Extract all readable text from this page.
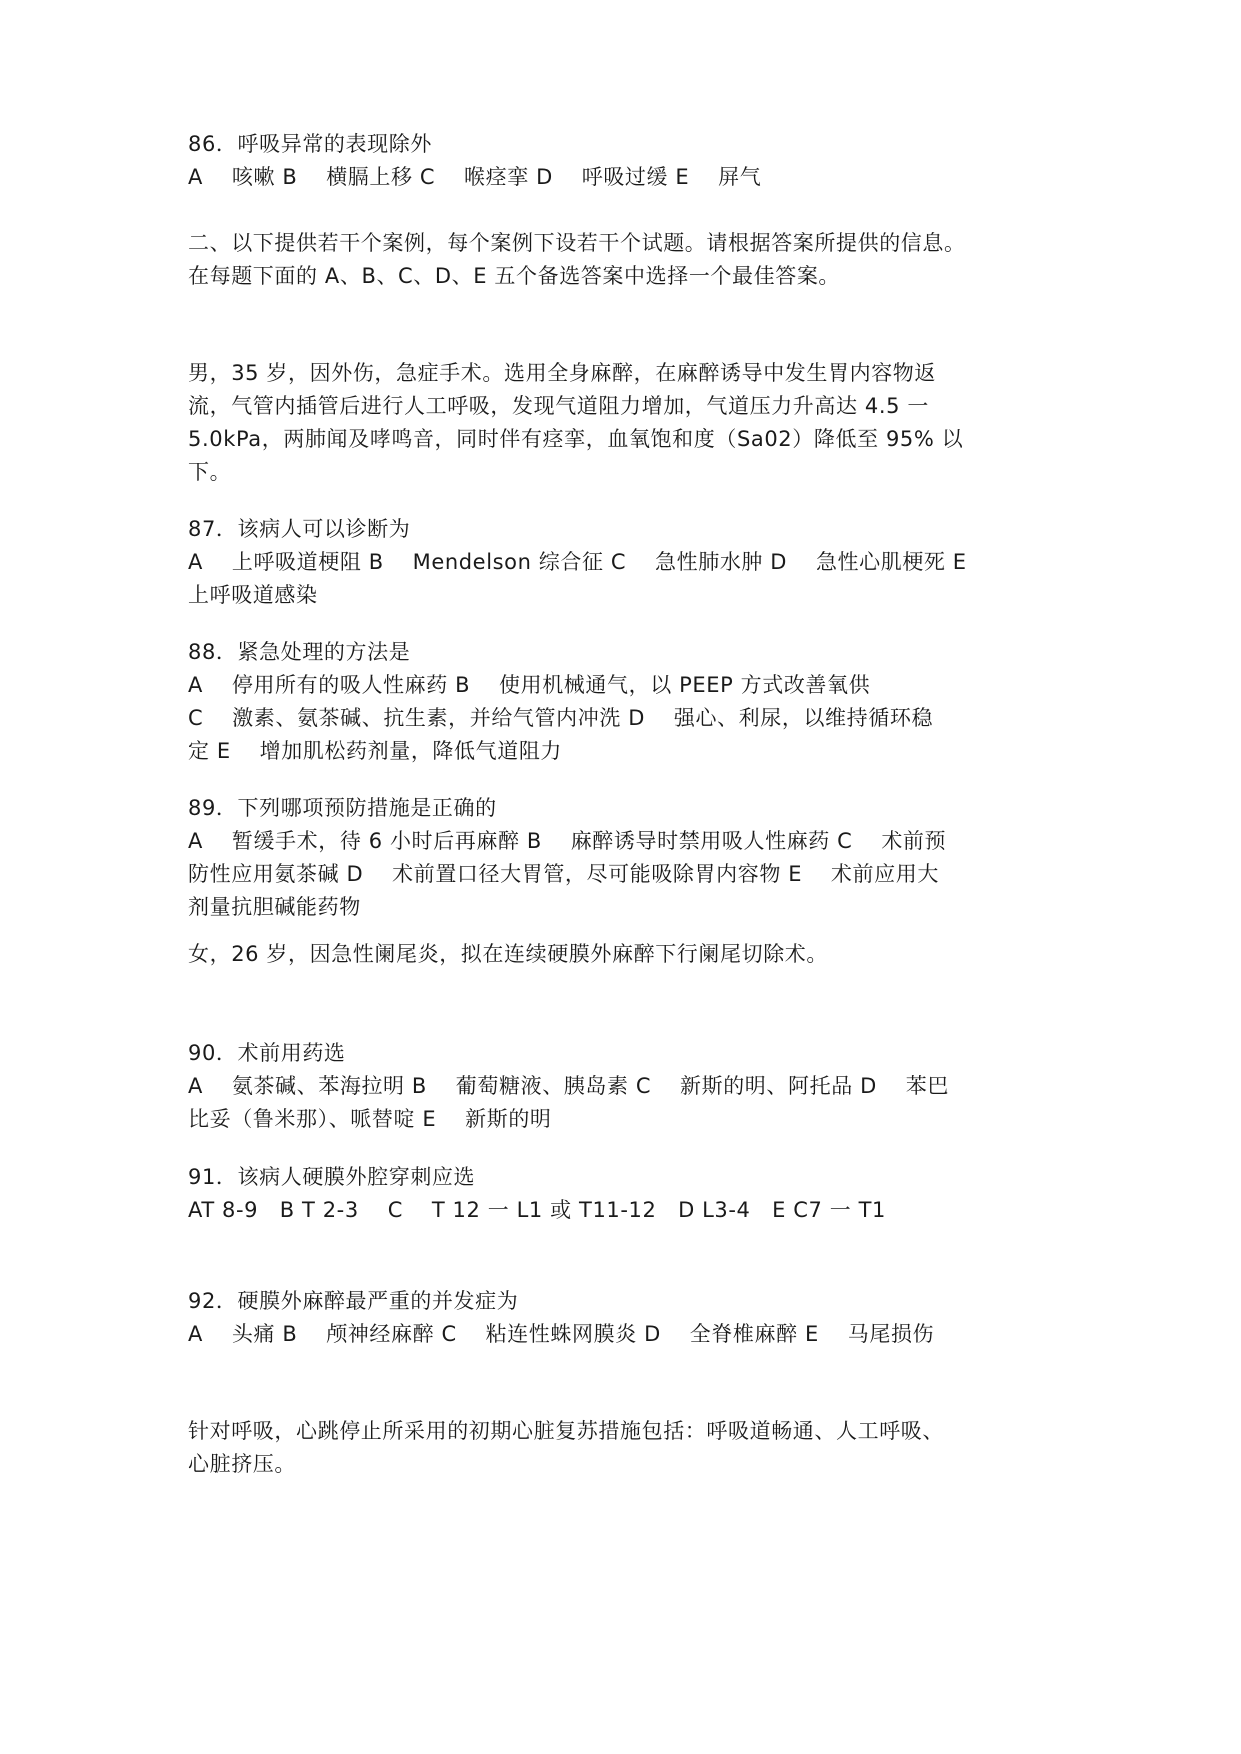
86．呼吸异常的表现除外
A　 咳嗽 B　 横膈上移 C　 喉痉挛 D　 呼吸过缓 E　 屏气
二、以下提供若干个案例，每个案例下设若干个试题。请根据答案所提供的信息。
在每题下面的 A、B、C、D、E 五个备选答案中选择一个最佳答案。
男，35 岁，因外伤，急症手术。选用全身麻醉，在麻醉诱导中发生胃内容物返
流，气管内插管后进行人工呼吸，发现气道阻力增加，气道压力升高达 4.5 一
5.0kPa，两肺闻及哮鸣音，同时伴有痉挛，血氧饱和度（Sa02）降低至 95% 以
下。
87．该病人可以诊断为
A　 上呼吸道梗阻 B　 Mendelson 综合征 C　 急性肺水肿 D　 急性心肌梗死 E
上呼吸道感染
88．紧急处理的方法是
A　 停用所有的吸人性麻药 B　 使用机械通气，以 PEEP 方式改善氧供
C　 激素、氨茶碱、抗生素，并给气管内冲洗 D　 强心、利尿，以维持循环稳
定 E　 增加肌松药剂量，降低气道阻力
89．下列哪项预防措施是正确的
A　 暂缓手术，待 6 小时后再麻醉 B　 麻醉诱导时禁用吸人性麻药 C　 术前预
防性应用氨茶碱 D　 术前置口径大胃管，尽可能吸除胃内容物 E　 术前应用大
剂量抗胆碱能药物
女，26 岁，因急性阑尾炎，拟在连续硬膜外麻醉下行阑尾切除术。
90．术前用药选
A　 氨茶碱、苯海拉明 B　 葡萄糖液、胰岛素 C　 新斯的明、阿托品 D　 苯巴
比妥（鲁米那）、哌替啶 E　 新斯的明
91．该病人硬膜外腔穿刺应选
AT 8-9　B T 2-3　 C　 T 12 一 L1 或 T11-12　D L3-4　E C7 一 T1
92．硬膜外麻醉最严重的并发症为
A　 头痛 B　 颅神经麻醉 C　 粘连性蛛网膜炎 D　 全脊椎麻醉 E　 马尾损伤
针对呼吸，心跳停止所采用的初期心脏复苏措施包括：呼吸道畅通、人工呼吸、
心脏挤压。
